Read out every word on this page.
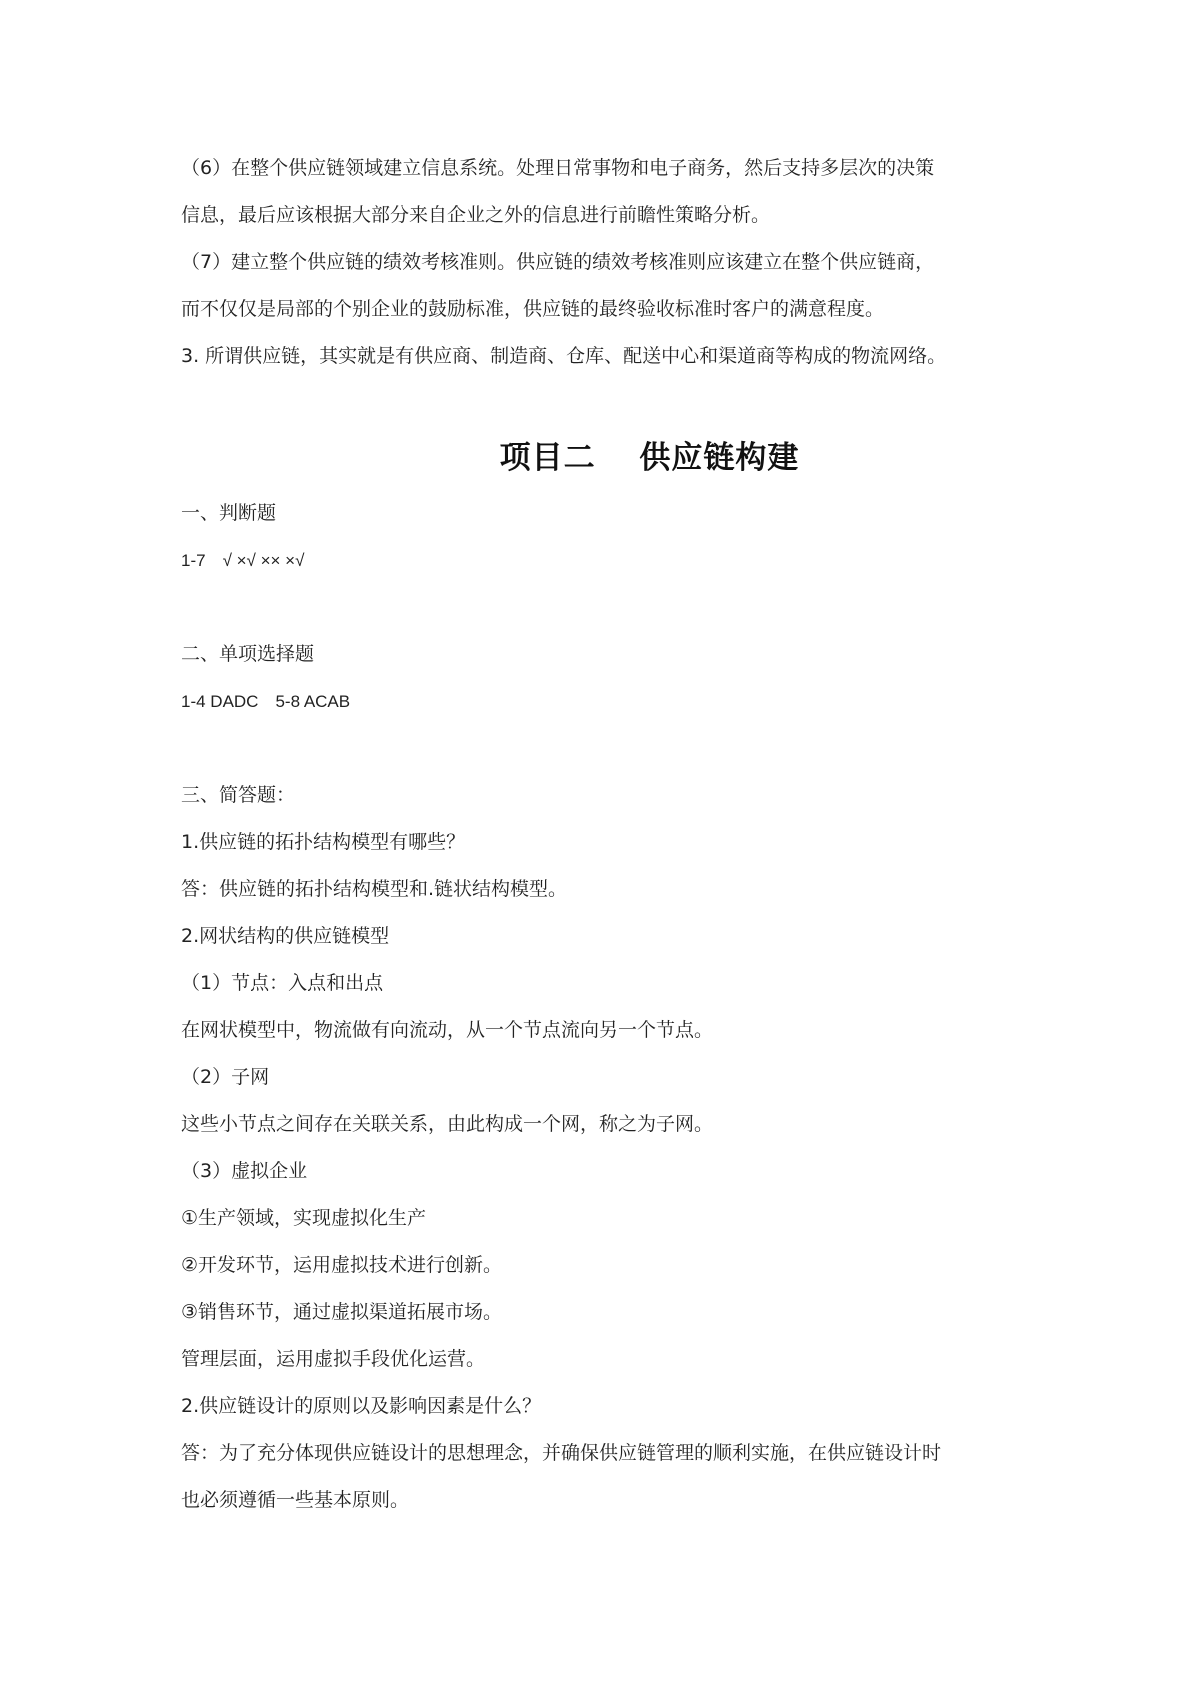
（6）在整个供应链领域建立信息系统。处理日常事物和电子商务，然后支持多层次的决策
信息，最后应该根据大部分来自企业之外的信息进行前瞻性策略分析。
（7）建立整个供应链的绩效考核准则。供应链的绩效考核准则应该建立在整个供应链商，
而不仅仅是局部的个别企业的鼓励标准，供应链的最终验收标准时客户的满意程度。
3. 所谓供应链，其实就是有供应商、制造商、仓库、配送中心和渠道商等构成的物流网络。
项目二　 供应链构建
一、判断题
1-7　√ ×√ ×× ×√
二、单项选择题
1-4 DADC　5-8 ACAB
三、简答题：
1.供应链的拓扑结构模型有哪些？
答：供应链的拓扑结构模型和.链状结构模型。
2.网状结构的供应链模型
（1）节点：入点和出点
在网状模型中，物流做有向流动，从一个节点流向另一个节点。
（2）子网
这些小节点之间存在关联关系，由此构成一个网，称之为子网。
（3）虚拟企业
①生产领域，实现虚拟化生产
②开发环节，运用虚拟技术进行创新。
③销售环节，通过虚拟渠道拓展市场。
管理层面，运用虚拟手段优化运营。
2.供应链设计的原则以及影响因素是什么？
答：为了充分体现供应链设计的思想理念，并确保供应链管理的顺利实施，在供应链设计时
也必须遵循一些基本原则。
